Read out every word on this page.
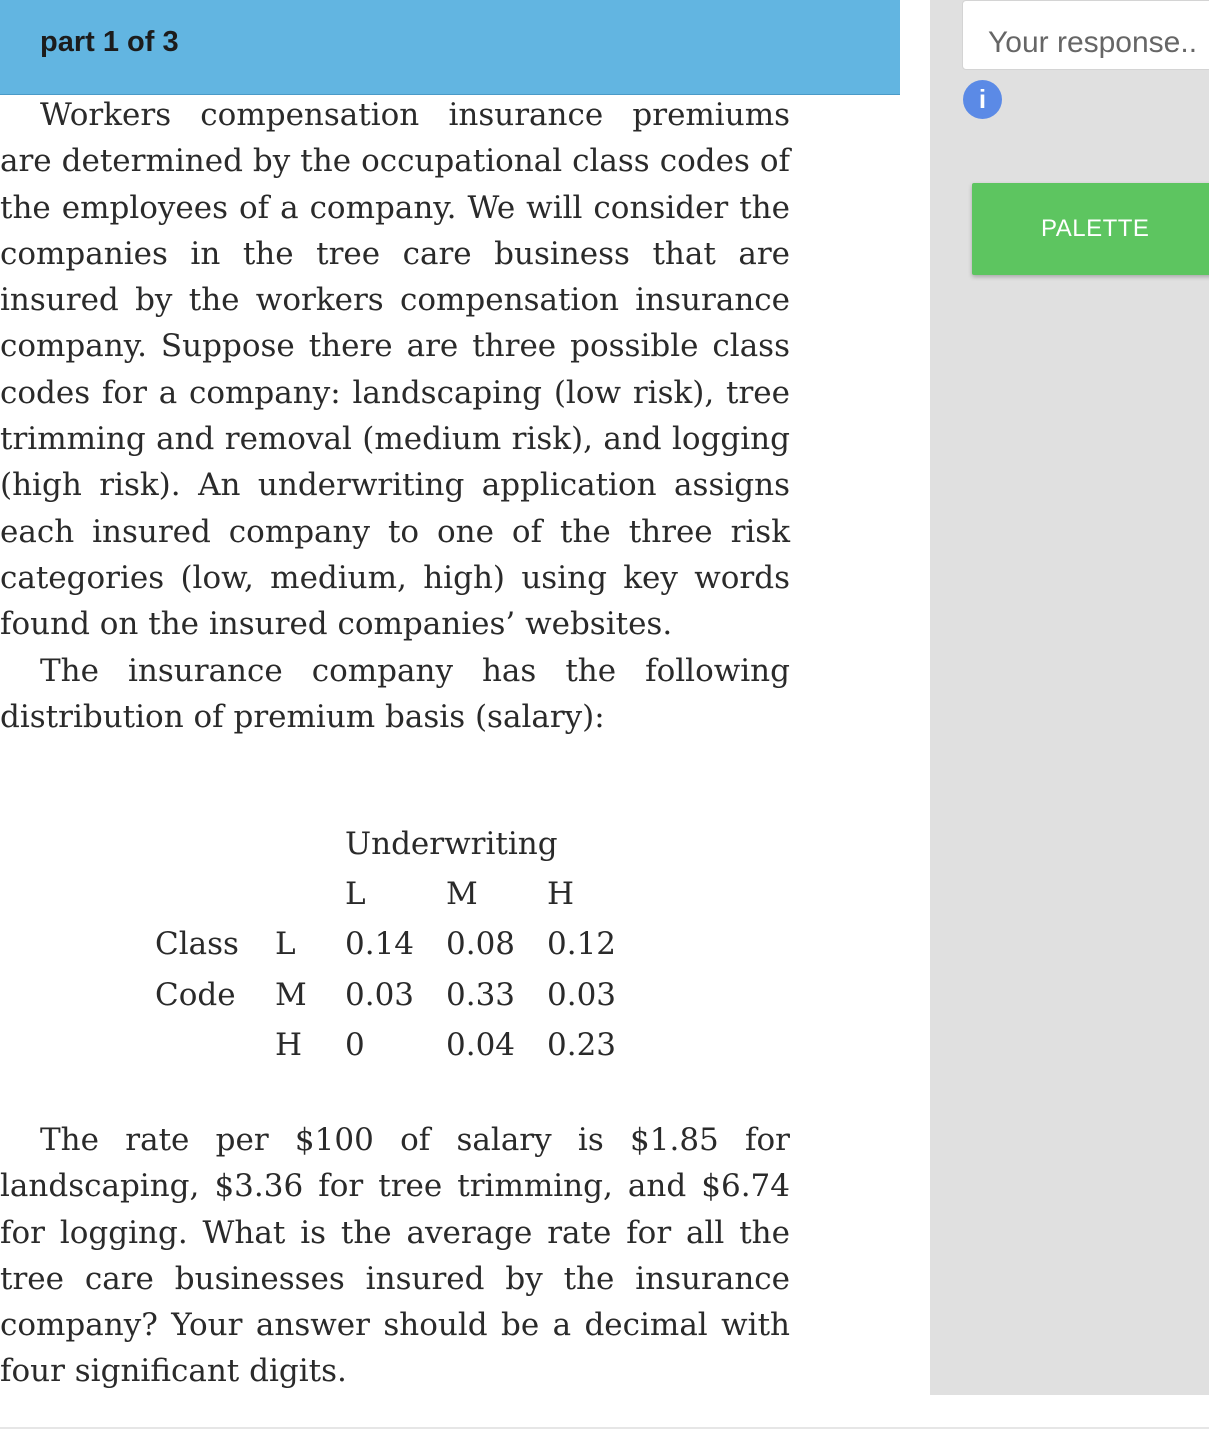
part 1 of 3

Workers compensation insurance premiums are determined by the occupational class codes of the employees of a company. We will consider the companies in the tree care business that are insured by the workers compensation insurance company. Suppose there are three possible class codes for a company: landscaping (low risk), tree trimming and removal (medium risk), and logging (high risk). An underwriting application assigns each insured company to one of the three risk categories (low, medium, high) using key words found on the insured companies’ websites.

The insurance company has the following distribution of premium basis (salary):

Underwriting
L	M H
Class
Code
L
M
H
0.14 0.08 0.12
0.03 0.33 0.03
0	0.04 0.23

The rate per $100 of salary is $1.85 for landscaping, $3.36 for tree trimming, and $6.74 for logging. What is the average rate for all the tree care businesses insured by the insurance company? Your answer should be a decimal with four significant digits.

Your response..
i
PALETTE
